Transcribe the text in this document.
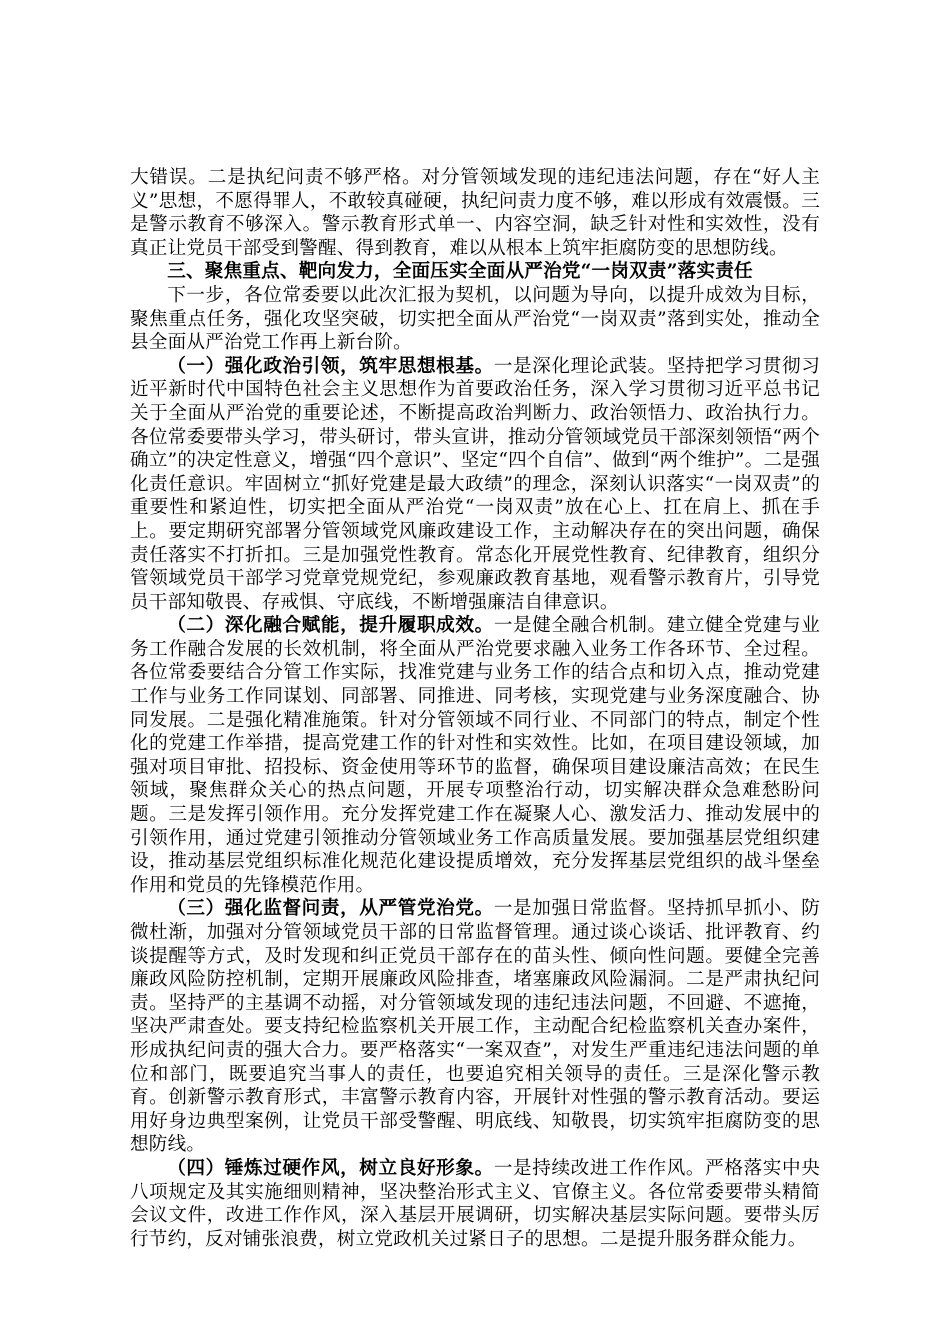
大错误。二是执纪问责不够严格。对分管领域发现的违纪违法问题，存在“好人主义”思想，不愿得罪人，不敢较真碰硬，执纪问责力度不够，难以形成有效震慑。三是警示教育不够深入。警示教育形式单一、内容空洞，缺乏针对性和实效性，没有真正让党员干部受到警醒、得到教育，难以从根本上筑牢拒腐防变的思想防线。

三、聚焦重点、靶向发力，全面压实全面从严治党“一岗双责”落实责任

下一步，各位常委要以此次汇报为契机，以问题为导向，以提升成效为目标，聚焦重点任务，强化攻坚突破，切实把全面从严治党“一岗双责”落到实处，推动全县全面从严治党工作再上新台阶。

（一）强化政治引领，筑牢思想根基。一是深化理论武装。坚持把学习贯彻习近平新时代中国特色社会主义思想作为首要政治任务，深入学习贯彻习近平总书记关于全面从严治党的重要论述，不断提高政治判断力、政治领悟力、政治执行力。各位常委要带头学习，带头研讨，带头宣讲，推动分管领域党员干部深刻领悟“两个确立”的决定性意义，增强“四个意识”、坚定“四个自信”、做到“两个维护”。二是强化责任意识。牢固树立“抓好党建是最大政绩”的理念，深刻认识落实“一岗双责”的重要性和紧迫性，切实把全面从严治党“一岗双责”放在心上、扛在肩上、抓在手上。要定期研究部署分管领域党风廉政建设工作，主动解决存在的突出问题，确保责任落实不打折扣。三是加强党性教育。常态化开展党性教育、纪律教育，组织分管领域党员干部学习党章党规党纪，参观廉政教育基地，观看警示教育片，引导党员干部知敬畏、存戒惧、守底线，不断增强廉洁自律意识。

（二）深化融合赋能，提升履职成效。一是健全融合机制。建立健全党建与业务工作融合发展的长效机制，将全面从严治党要求融入业务工作各环节、全过程。各位常委要结合分管工作实际，找准党建与业务工作的结合点和切入点，推动党建工作与业务工作同谋划、同部署、同推进、同考核，实现党建与业务深度融合、协同发展。二是强化精准施策。针对分管领域不同行业、不同部门的特点，制定个性化的党建工作举措，提高党建工作的针对性和实效性。比如，在项目建设领域，加强对项目审批、招投标、资金使用等环节的监督，确保项目建设廉洁高效；在民生领域，聚焦群众关心的热点问题，开展专项整治行动，切实解决群众急难愁盼问题。三是发挥引领作用。充分发挥党建工作在凝聚人心、激发活力、推动发展中的引领作用，通过党建引领推动分管领域业务工作高质量发展。要加强基层党组织建设，推动基层党组织标准化规范化建设提质增效，充分发挥基层党组织的战斗堡垒作用和党员的先锋模范作用。

（三）强化监督问责，从严管党治党。一是加强日常监督。坚持抓早抓小、防微杜渐，加强对分管领域党员干部的日常监督管理。通过谈心谈话、批评教育、约谈提醒等方式，及时发现和纠正党员干部存在的苗头性、倾向性问题。要健全完善廉政风险防控机制，定期开展廉政风险排查，堵塞廉政风险漏洞。二是严肃执纪问责。坚持严的主基调不动摇，对分管领域发现的违纪违法问题，不回避、不遮掩，坚决严肃查处。要支持纪检监察机关开展工作，主动配合纪检监察机关查办案件，形成执纪问责的强大合力。要严格落实“一案双查”，对发生严重违纪违法问题的单位和部门，既要追究当事人的责任，也要追究相关领导的责任。三是深化警示教育。创新警示教育形式，丰富警示教育内容，开展针对性强的警示教育活动。要运用好身边典型案例，让党员干部受警醒、明底线、知敬畏，切实筑牢拒腐防变的思想防线。

（四）锤炼过硬作风，树立良好形象。一是持续改进工作作风。严格落实中央八项规定及其实施细则精神，坚决整治形式主义、官僚主义。各位常委要带头精简会议文件，改进工作作风，深入基层开展调研，切实解决基层实际问题。要带头厉行节约，反对铺张浪费，树立党政机关过紧日子的思想。二是提升服务群众能力。
